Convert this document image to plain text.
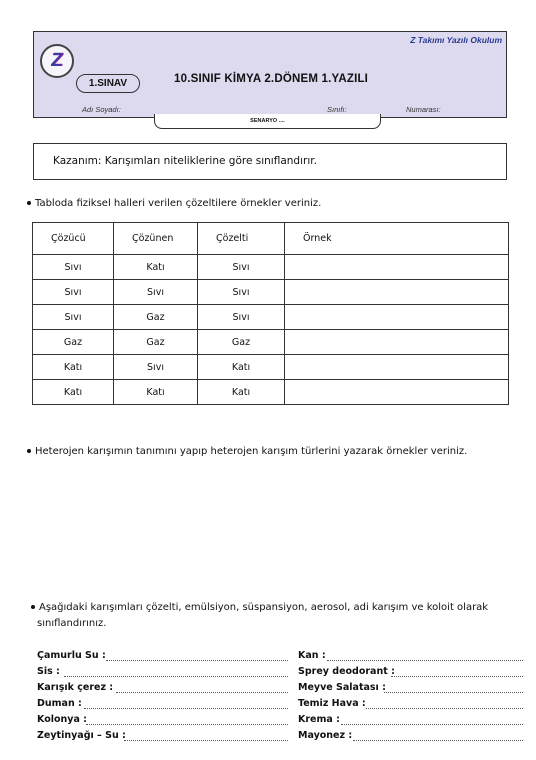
Z Takımı Yazılı Okulum
Z
1.SINAV	10.SINIF KİMYA 2.DÖNEM 1.YAZILI
Adı Soyadı:	Sınıfı:	Numarası:
SENARYO ....
Kazanım: Karışımları niteliklerine göre sınıflandırır.
Tabloda fiziksel halleri verilen çözeltilere örnekler veriniz.
Çözücü	Çözünen	Çözelti	Örnek
Sıvı	Katı	Sıvı	
Sıvı	Sıvı	Sıvı	
Sıvı	Gaz	Sıvı	
Gaz	Gaz	Gaz	
Katı	Sıvı	Katı	
Katı	Katı	Katı	
Heterojen karışımın tanımını yapıp heterojen karışım türlerini yazarak örnekler veriniz.
Aşağıdaki karışımları çözelti, emülsiyon, süspansiyon, aerosol, adi karışım ve koloit olarak
sınıflandırınız.
Çamurlu Su :	Kan :
Sis :	Sprey deodorant :
Karışık çerez :	Meyve Salatası :
Duman :	Temiz Hava :
Kolonya :	Krema :
Zeytinyağı – Su :	Mayonez :
